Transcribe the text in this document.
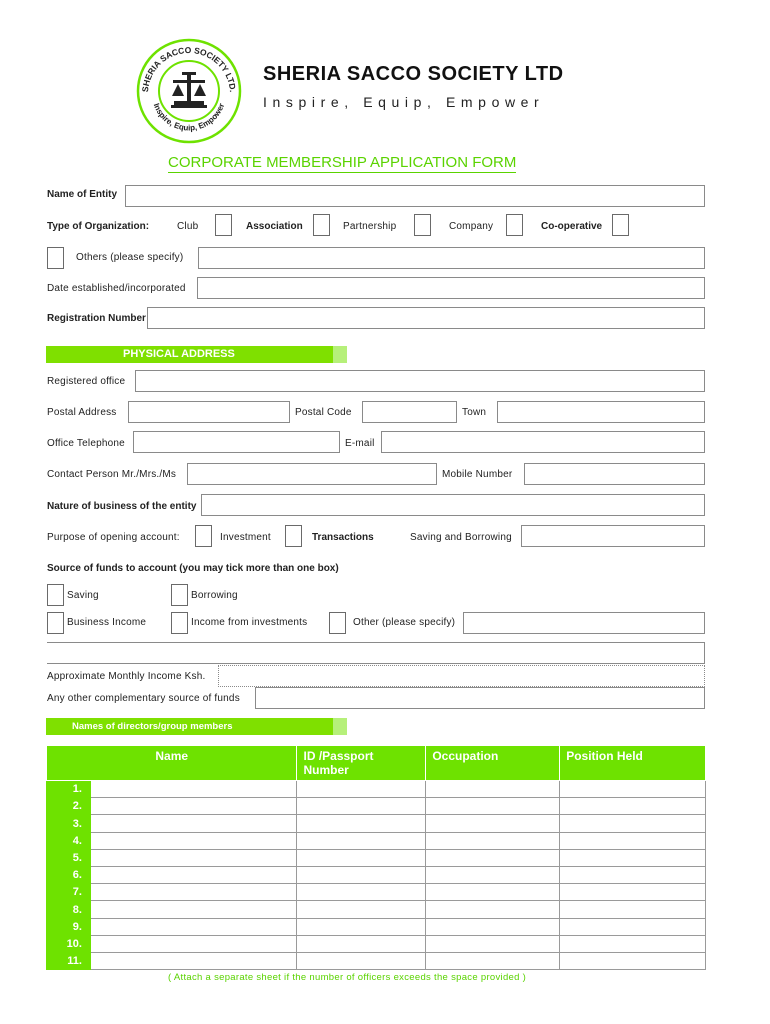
SHERIA SACCO SOCIETY LTD.
Inspire, Equip, Empower
SHERIA SACCO SOCIETY LTD
Inspire, Equip, Empower
CORPORATE MEMBERSHIP APPLICATION FORM
Name of Entity
Type of Organization:	Club	Association	Partnership	Company	Co-operative
Others (please specify)
Date established/incorporated
Registration Number
PHYSICAL ADDRESS
Registered office
Postal Address	Postal Code	Town
Office Telephone	E-mail
Contact Person Mr./Mrs./Ms	Mobile Number
Nature of business of the entity
Purpose of opening account:	Investment	Transactions	Saving and Borrowing
Source of funds to account (you may tick more than one box)
Saving	Borrowing
Business Income	Income from investments	Other (please specify)
Approximate Monthly Income Ksh.
Any other complementary source of funds
Names of directors/group members
Name		ID /Passport Number	Occupation	Position Held
1.				
2.				
3.				
4.				
5.				
6.				
7.				
8.				
9.				
10.				
11.				
( Attach a separate sheet if the number of officers exceeds the space provided )
